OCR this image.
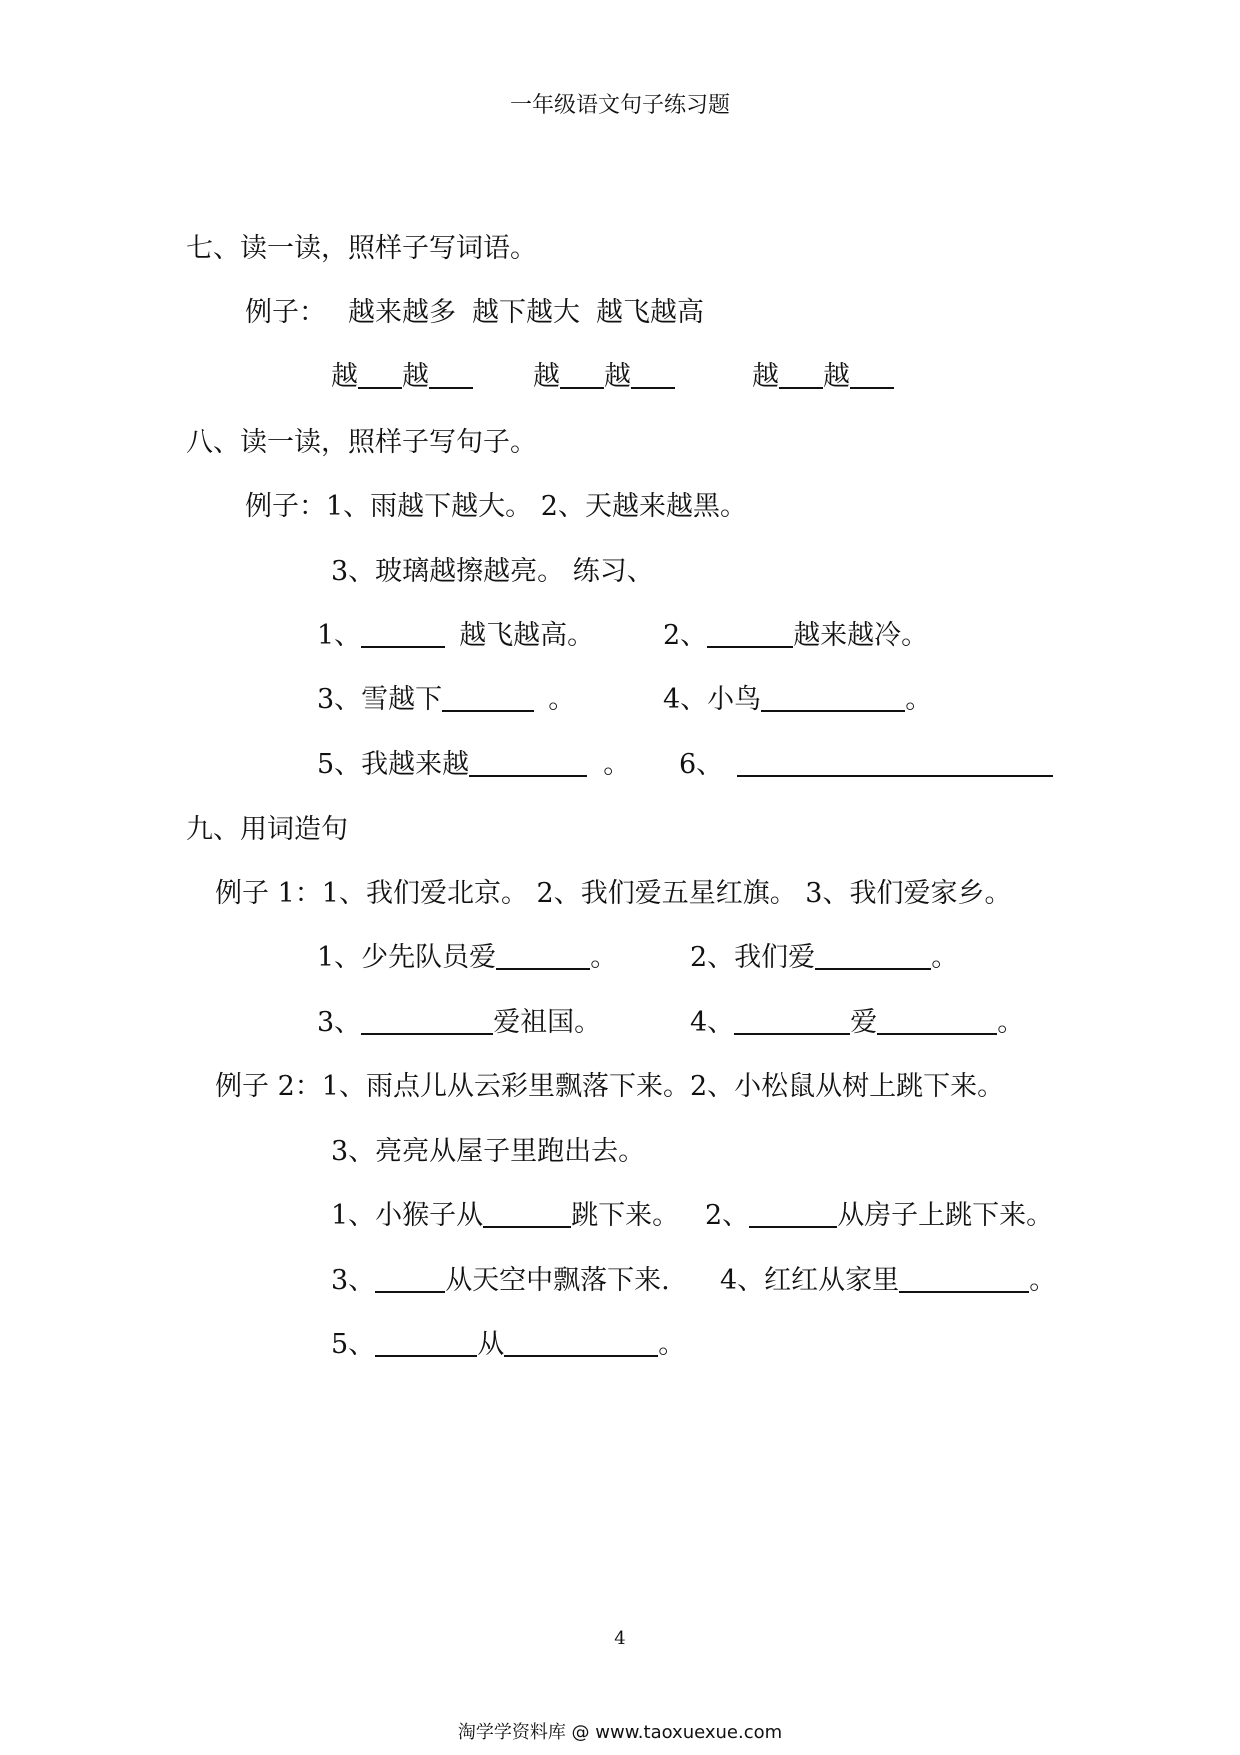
一年级语文句子练习题
七、读一读，照样子写词语。
例子： 越来越多 越下越大 越飞越高
越 越	越 越	越 越
八、读一读，照样子写句子。
例子：1、雨越下越大。 2、天越来越黑。
3、玻璃越擦越亮。 练习、
1、	越飞越高。	2、	越来越冷。
3、雪越下	。	4、小鸟	。
5、我越来越	。 6、
九、用词造句
例子 1：1、我们爱北京。 2、我们爱五星红旗。 3、我们爱家乡。
1、少先队员爱	。	2、我们爱	。
3、	爱祖国。	4、	爱	。
例子 2：1、雨点儿从云彩里飘落下来。2、小松鼠从树上跳下来。
3、亮亮从屋子里跑出去。
1、小猴子从	跳下来。 2、	从房子上跳下来。
3、	从天空中飘落下来. 4、红红从家里	。
5、	从	。
4
淘学学资料库 @ www.taoxuexue.com
